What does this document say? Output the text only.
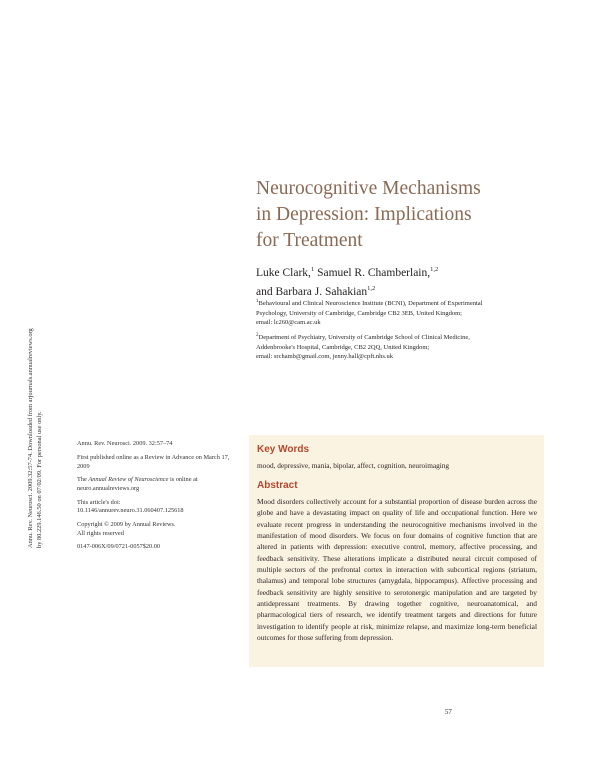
Annu. Rev. Neurosci. 2009.32:57-74. Downloaded from arjournals.annualreviews.org by 80.229.146.50 on 07/02/09. For personal use only.
Neurocognitive Mechanisms
in Depression: Implications
for Treatment
Luke Clark,$^1$ Samuel R. Chamberlain,$^{1,2}$
and Barbara J. Sahakian$^{1,2}$
$^1$Behavioural and Clinical Neuroscience Institute (BCNI), Department of Experimental
Psychology, University of Cambridge, Cambridge CB2 3EB, United Kingdom;
email: lc260@cam.ac.uk
$^2$Department of Psychiatry, University of Cambridge School of Clinical Medicine,
Addenbrooke's Hospital, Cambridge, CB2 2QQ, United Kingdom;
email: srchamb@gmail.com, jenny.hall@cpft.nhs.uk

Annu. Rev. Neurosci. 2009. 32:57–74

First published online as a Review in Advance on March 17, 2009

The Annual Review of Neuroscience is online at neuro.annualreviews.org

This article's doi:
10.1146/annurev.neuro.31.060407.125618

Copyright © 2009 by Annual Reviews.
All rights reserved

0147-006X/09/0721-0057$20.00

Key Words
mood, depressive, mania, bipolar, affect, cognition, neuroimaging
Abstract
Mood disorders collectively account for a substantial proportion of disease burden across the globe and have a devastating impact on quality of life and occupational function. Here we evaluate recent progress in understanding the neurocognitive mechanisms involved in the manifestation of mood disorders. We focus on four domains of cognitive function that are altered in patients with depression: executive control, memory, affective processing, and feedback sensitivity. These alterations implicate a distributed neural circuit composed of multiple sectors of the prefrontal cortex in interaction with subcortical regions (striatum, thalamus) and temporal lobe structures (amygdala, hippocampus). Affective processing and feedback sensitivity are highly sensitive to serotonergic manipulation and are targeted by antidepressant treatments. By drawing together cognitive, neuroanatomical, and pharmacological tiers of research, we identify treatment targets and directions for future investigation to identify people at risk, minimize relapse, and maximize long-term beneficial outcomes for those suffering from depression.
57
